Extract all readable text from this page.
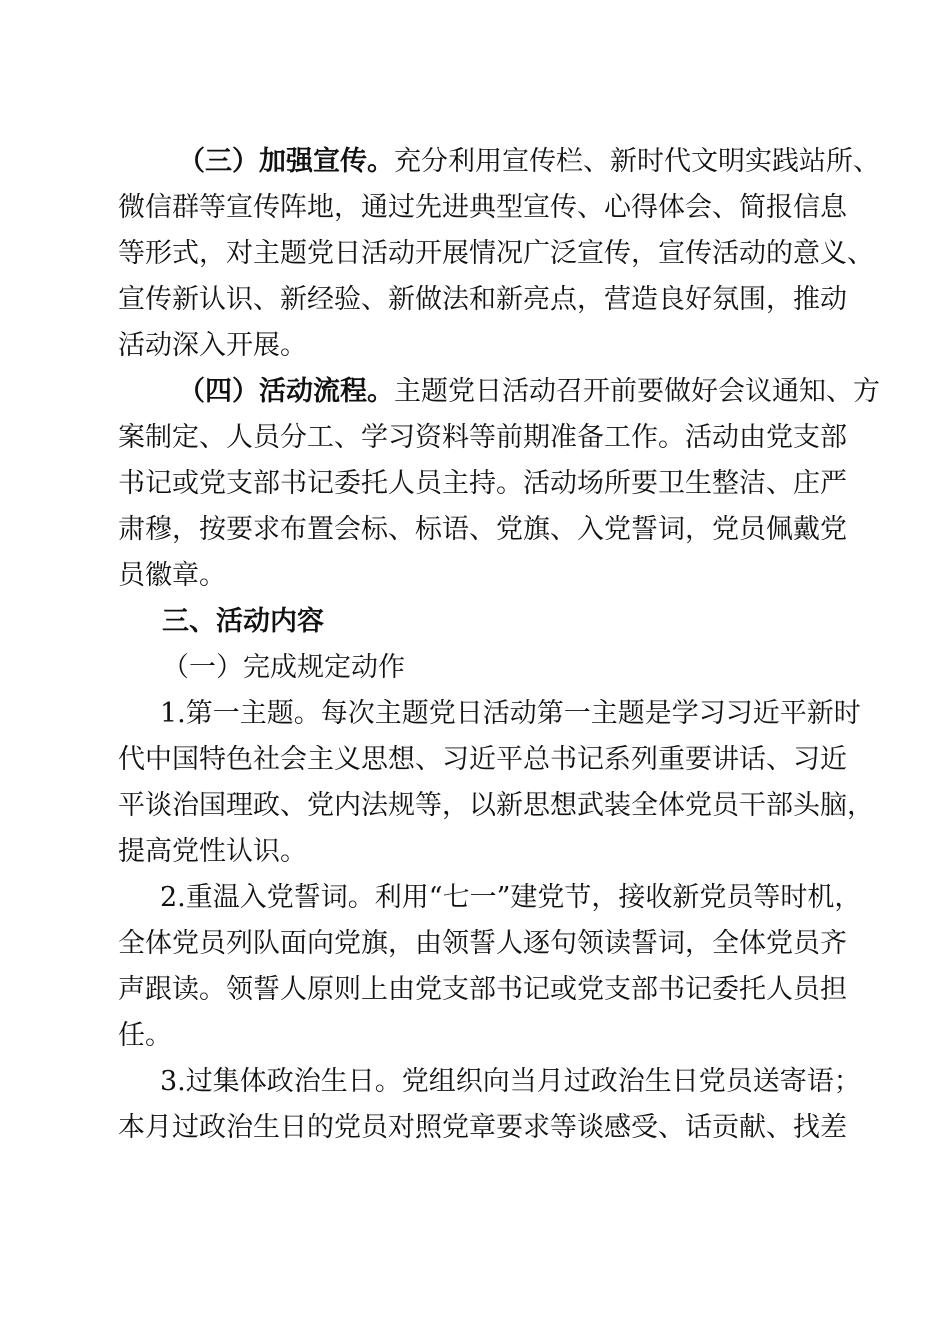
（三）加强宣传。充分利用宣传栏、新时代文明实践站所、
微信群等宣传阵地，通过先进典型宣传、心得体会、简报信息
等形式，对主题党日活动开展情况广泛宣传，宣传活动的意义、
宣传新认识、新经验、新做法和新亮点，营造良好氛围，推动
活动深入开展。
（四）活动流程。主题党日活动召开前要做好会议通知、方
案制定、人员分工、学习资料等前期准备工作。活动由党支部
书记或党支部书记委托人员主持。活动场所要卫生整洁、庄严
肃穆，按要求布置会标、标语、党旗、入党誓词，党员佩戴党
员徽章。
三、活动内容
（一）完成规定动作
1.第一主题。每次主题党日活动第一主题是学习习近平新时
代中国特色社会主义思想、习近平总书记系列重要讲话、习近
平谈治国理政、党内法规等，以新思想武装全体党员干部头脑，
提高党性认识。
2.重温入党誓词。利用“七一”建党节，接收新党员等时机，
全体党员列队面向党旗，由领誓人逐句领读誓词，全体党员齐
声跟读。领誓人原则上由党支部书记或党支部书记委托人员担
任。
3.过集体政治生日。党组织向当月过政治生日党员送寄语；
本月过政治生日的党员对照党章要求等谈感受、话贡献、找差
